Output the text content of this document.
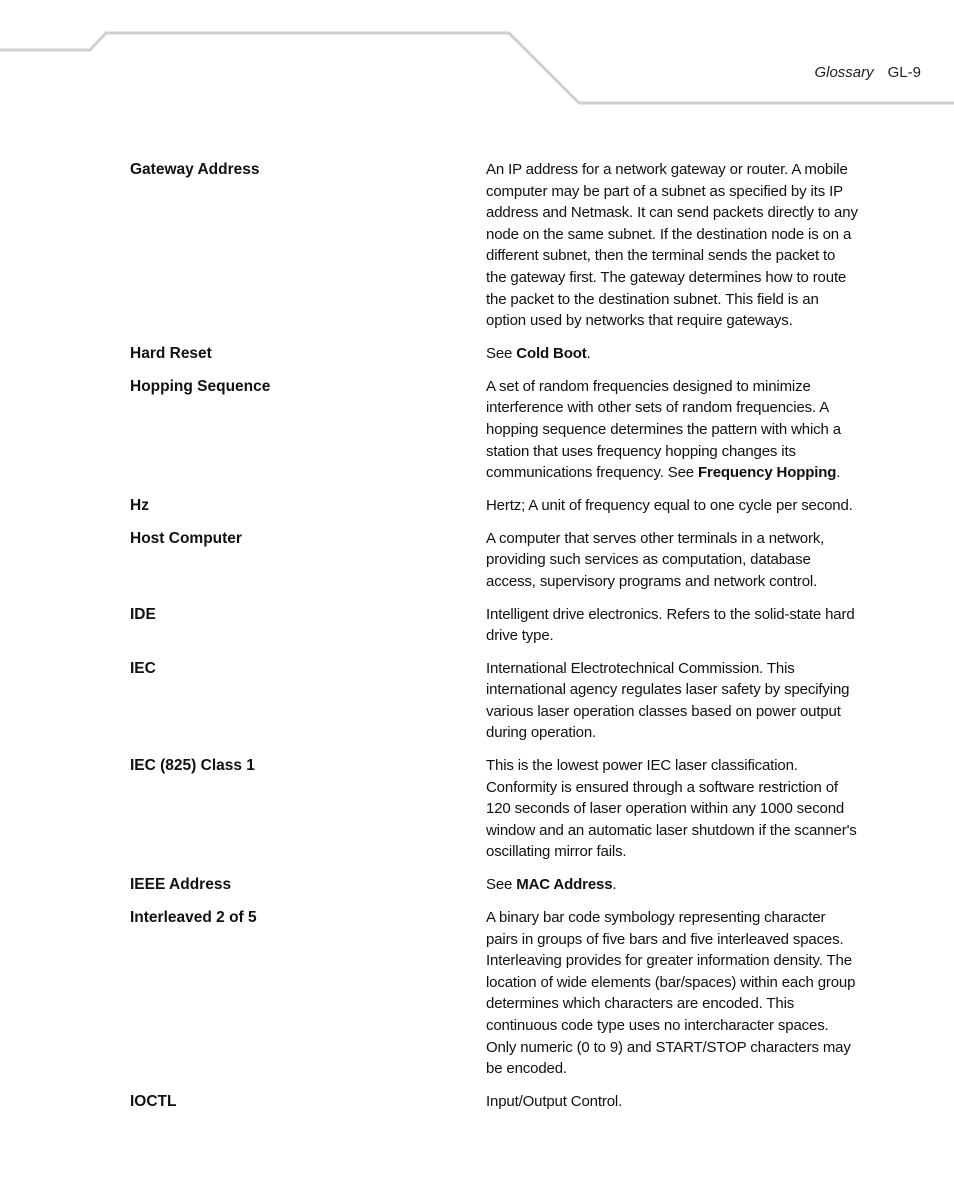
Glossary GL-9
Gateway Address	An IP address for a network gateway or router. A mobile computer may be part of a subnet as specified by its IP address and Netmask. It can send packets directly to any node on the same subnet. If the destination node is on a different subnet, then the terminal sends the packet to the gateway first. The gateway determines how to route the packet to the destination subnet. This field is an option used by networks that require gateways.
Hard Reset	See Cold Boot.
Hopping Sequence	A set of random frequencies designed to minimize interference with other sets of random frequencies. A hopping sequence determines the pattern with which a station that uses frequency hopping changes its communications frequency. See Frequency Hopping.
Hz	Hertz; A unit of frequency equal to one cycle per second.
Host Computer	A computer that serves other terminals in a network, providing such services as computation, database access, supervisory programs and network control.
IDE	Intelligent drive electronics. Refers to the solid-state hard drive type.
IEC	International Electrotechnical Commission. This international agency regulates laser safety by specifying various laser operation classes based on power output during operation.
IEC (825) Class 1	This is the lowest power IEC laser classification. Conformity is ensured through a software restriction of 120 seconds of laser operation within any 1000 second window and an automatic laser shutdown if the scanner's oscillating mirror fails.
IEEE Address	See MAC Address.
Interleaved 2 of 5	A binary bar code symbology representing character pairs in groups of five bars and five interleaved spaces. Interleaving provides for greater information density. The location of wide elements (bar/spaces) within each group determines which characters are encoded. This continuous code type uses no intercharacter spaces. Only numeric (0 to 9) and START/STOP characters may be encoded.
IOCTL	Input/Output Control.
